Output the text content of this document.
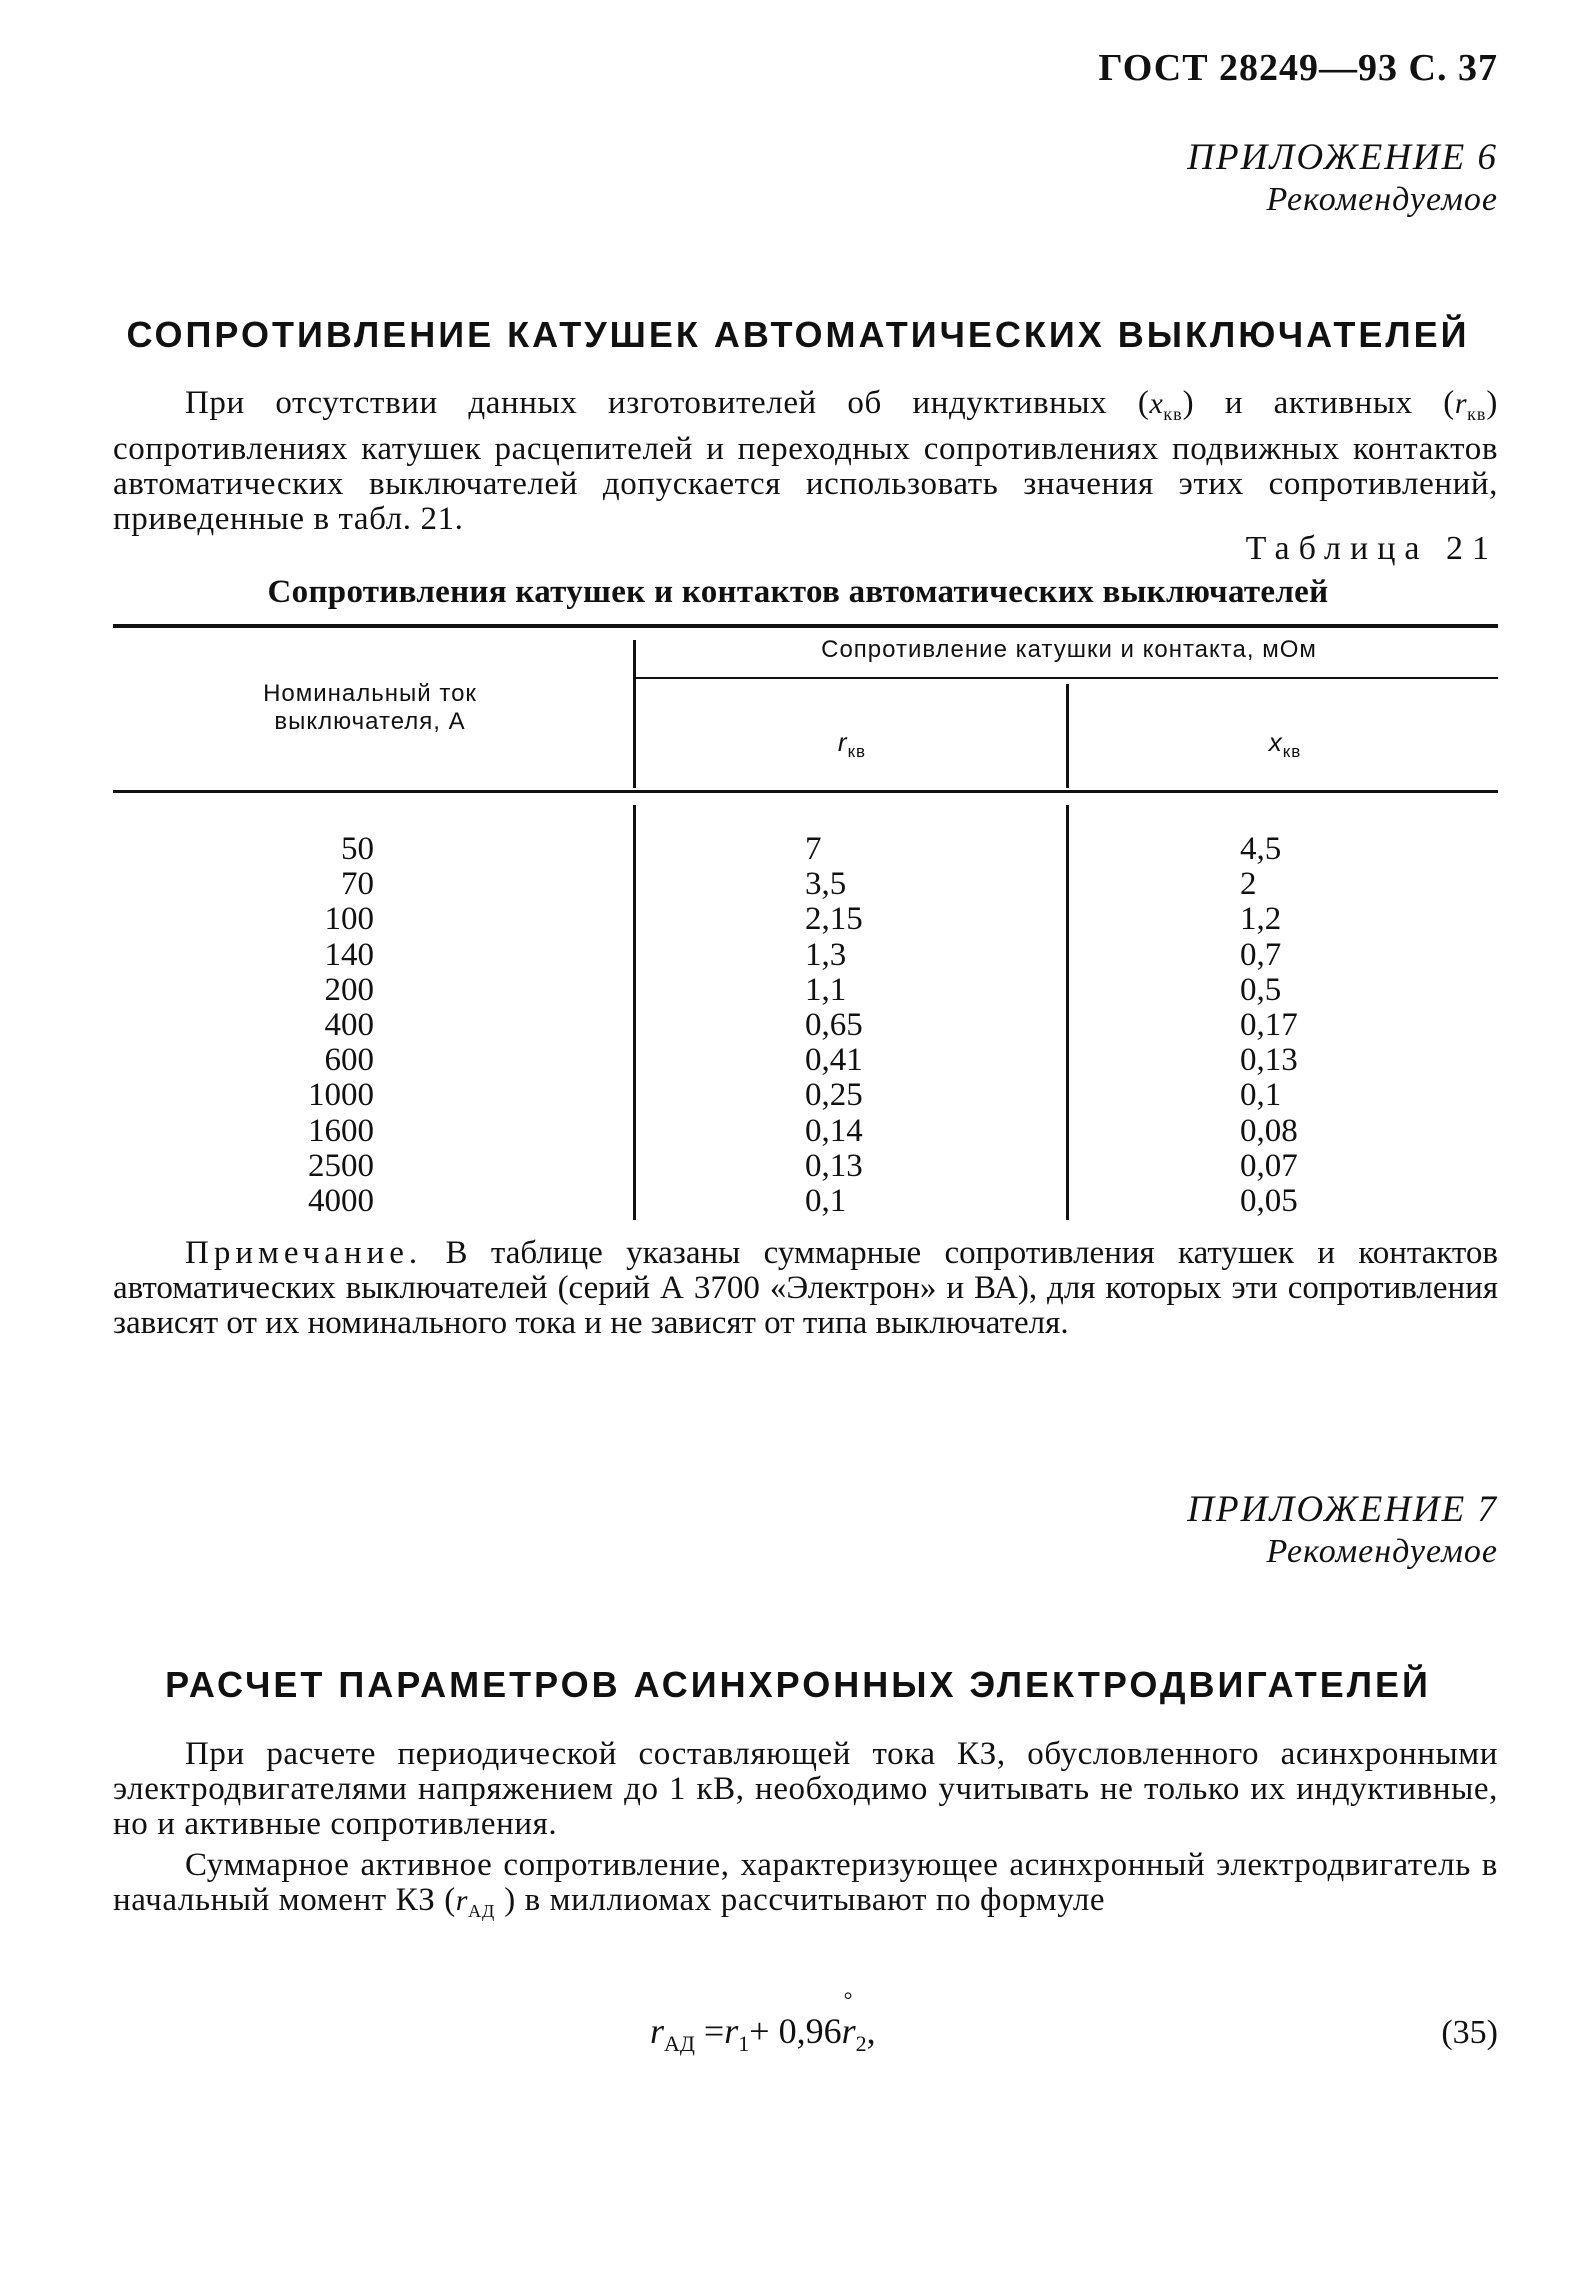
ГОСТ 28249—93 С. 37
ПРИЛОЖЕНИЕ 6
Рекомендуемое
СОПРОТИВЛЕНИЕ КАТУШЕК АВТОМАТИЧЕСКИХ ВЫКЛЮЧАТЕЛЕЙ
При отсутствии данных изготовителей об индуктивных $(x_{кв})$ и активных $(r_{кв})$ сопротивлениях катушек расцепителей и переходных сопротивлениях подвижных контактов автоматических выключателей допускается использовать значения этих сопротивлений, приведенные в табл. 21.
Таблица 21
Сопротивления катушек и контактов автоматических выключателей
Номинальный ток выключателя, А
Сопротивление катушки и контакта, мОм
$r_{кв}$	$x_{кв}$
50
70
100
140
200
400
600
1000
1600
2500
4000
7
3,5
2,15
1,3
1,1
0,65
0,41
0,25
0,14
0,13
0,1
4,5
2
1,2
0,7
0,5
0,17
0,13
0,1
0,08
0,07
0,05
Примечание. В таблице указаны суммарные сопротивления катушек и контактов автоматических выключателей (серий А 3700 «Электрон» и ВА), для которых эти сопротивления зависят от их номинального тока и не зависят от типа выключателя.
ПРИЛОЖЕНИЕ 7
Рекомендуемое
РАСЧЕТ ПАРАМЕТРОВ АСИНХРОННЫХ ЭЛЕКТРОДВИГАТЕЛЕЙ
При расчете периодической составляющей тока КЗ, обусловленного асинхронными электродвигателями напряжением до 1 кВ, необходимо учитывать не только их индуктивные, но и активные сопротивления.
Суммарное активное сопротивление, характеризующее асинхронный электродвигатель в начальный момент КЗ ($r_{АД}$ ) в миллиомах рассчитывают по формуле
$r_{АД} =r_1+ 0,96r$
°
$_2$,	(35)
